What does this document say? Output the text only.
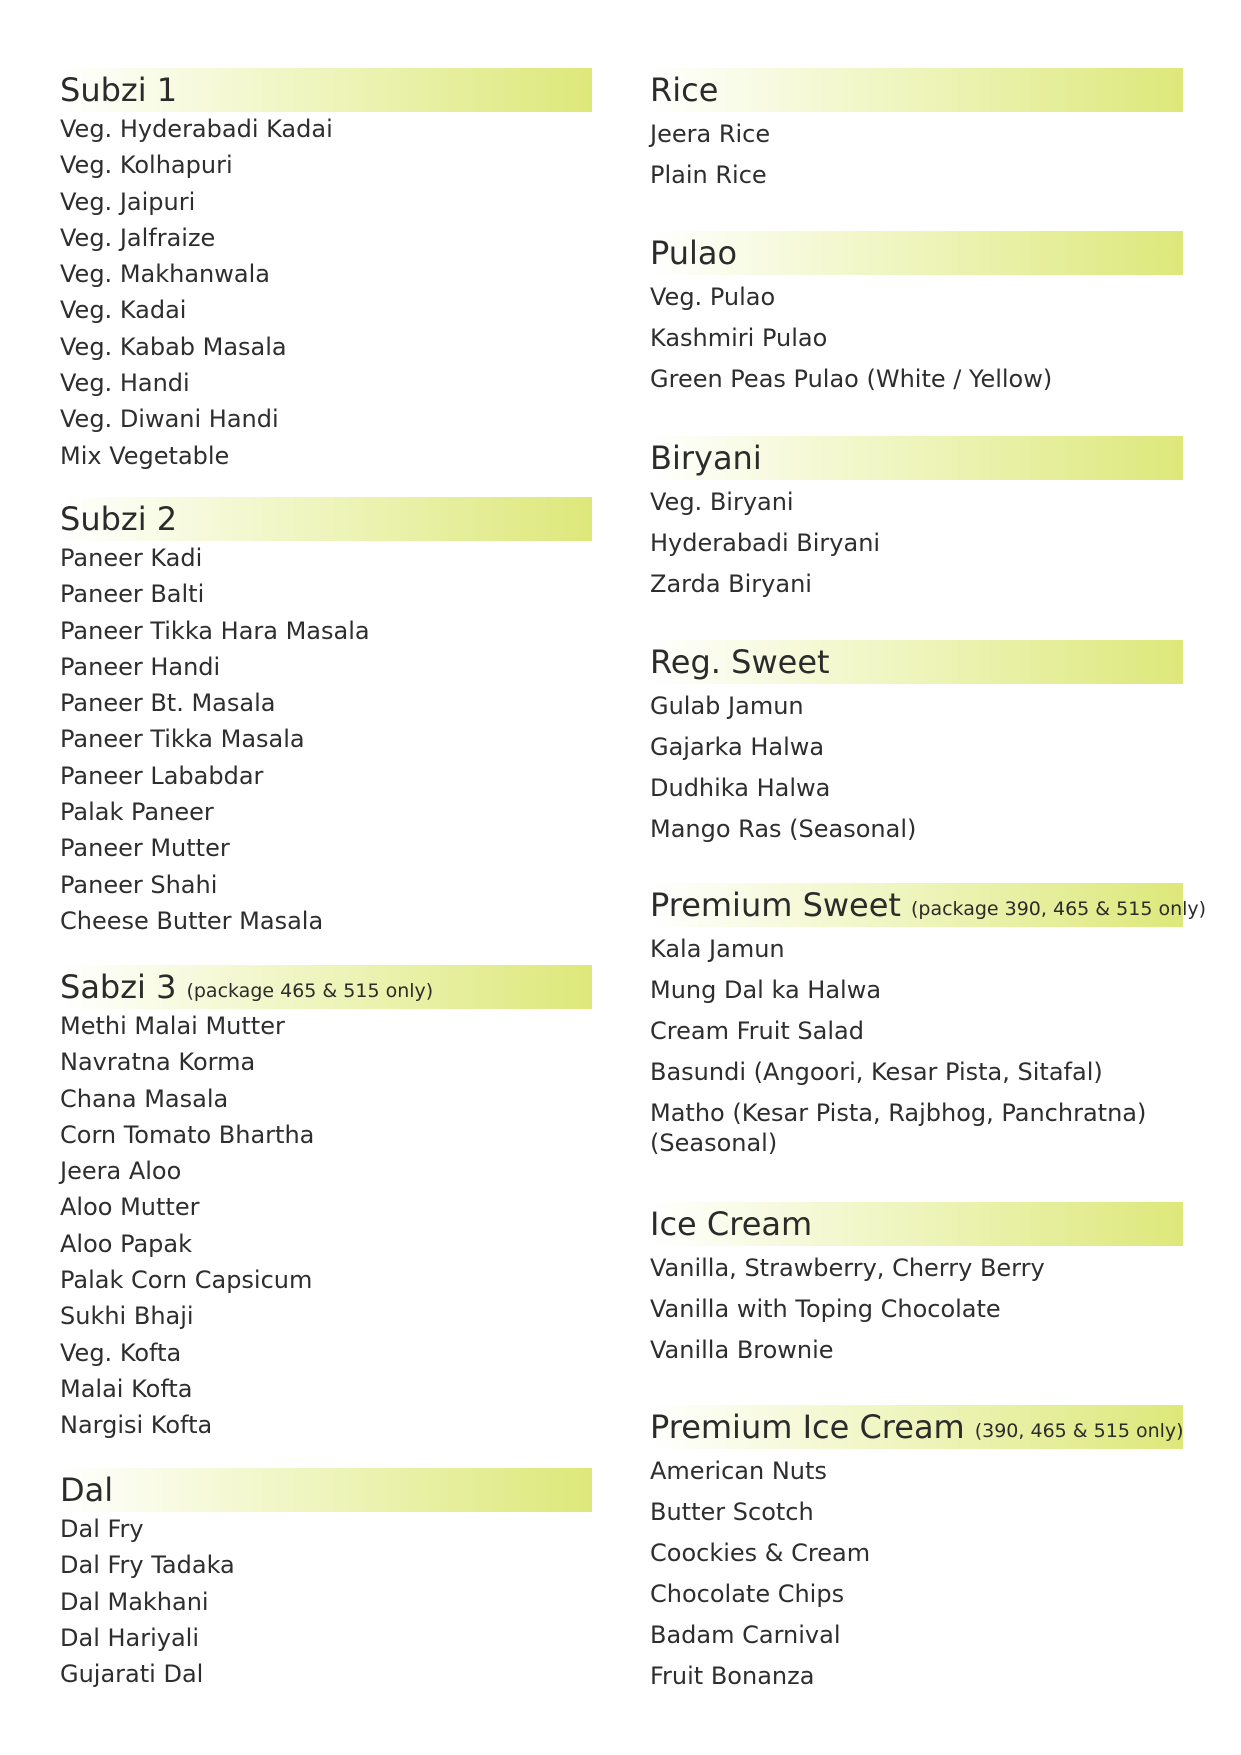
Subzi 1
Veg. Hyderabadi Kadai
Veg. Kolhapuri
Veg. Jaipuri
Veg. Jalfraize
Veg. Makhanwala
Veg. Kadai
Veg. Kabab Masala
Veg. Handi
Veg. Diwani Handi
Mix Vegetable
Subzi 2
Paneer Kadi
Paneer Balti
Paneer Tikka Hara Masala
Paneer Handi
Paneer Bt. Masala
Paneer Tikka Masala
Paneer Lababdar
Palak Paneer
Paneer Mutter
Paneer Shahi
Cheese Butter Masala
Sabzi 3 (package 465 & 515 only)
Methi Malai Mutter
Navratna Korma
Chana Masala
Corn Tomato Bhartha
Jeera Aloo
Aloo Mutter
Aloo Papak
Palak Corn Capsicum
Sukhi Bhaji
Veg. Kofta
Malai Kofta
Nargisi Kofta
Dal
Dal Fry
Dal Fry Tadaka
Dal Makhani
Dal Hariyali
Gujarati Dal
Rice
Jeera Rice
Plain Rice
Pulao
Veg. Pulao
Kashmiri Pulao
Green Peas Pulao (White / Yellow)
Biryani
Veg. Biryani
Hyderabadi Biryani
Zarda Biryani
Reg. Sweet
Gulab Jamun
Gajarka Halwa
Dudhika Halwa
Mango Ras (Seasonal)
Premium Sweet (package 390, 465 & 515 only)
Kala Jamun
Mung Dal ka Halwa
Cream Fruit Salad
Basundi (Angoori, Kesar Pista, Sitafal)
Matho (Kesar Pista, Rajbhog, Panchratna)
(Seasonal)
Ice Cream
Vanilla, Strawberry, Cherry Berry
Vanilla with Toping Chocolate
Vanilla Brownie
Premium Ice Cream (390, 465 & 515 only)
American Nuts
Butter Scotch
Coockies & Cream
Chocolate Chips
Badam Carnival
Fruit Bonanza
